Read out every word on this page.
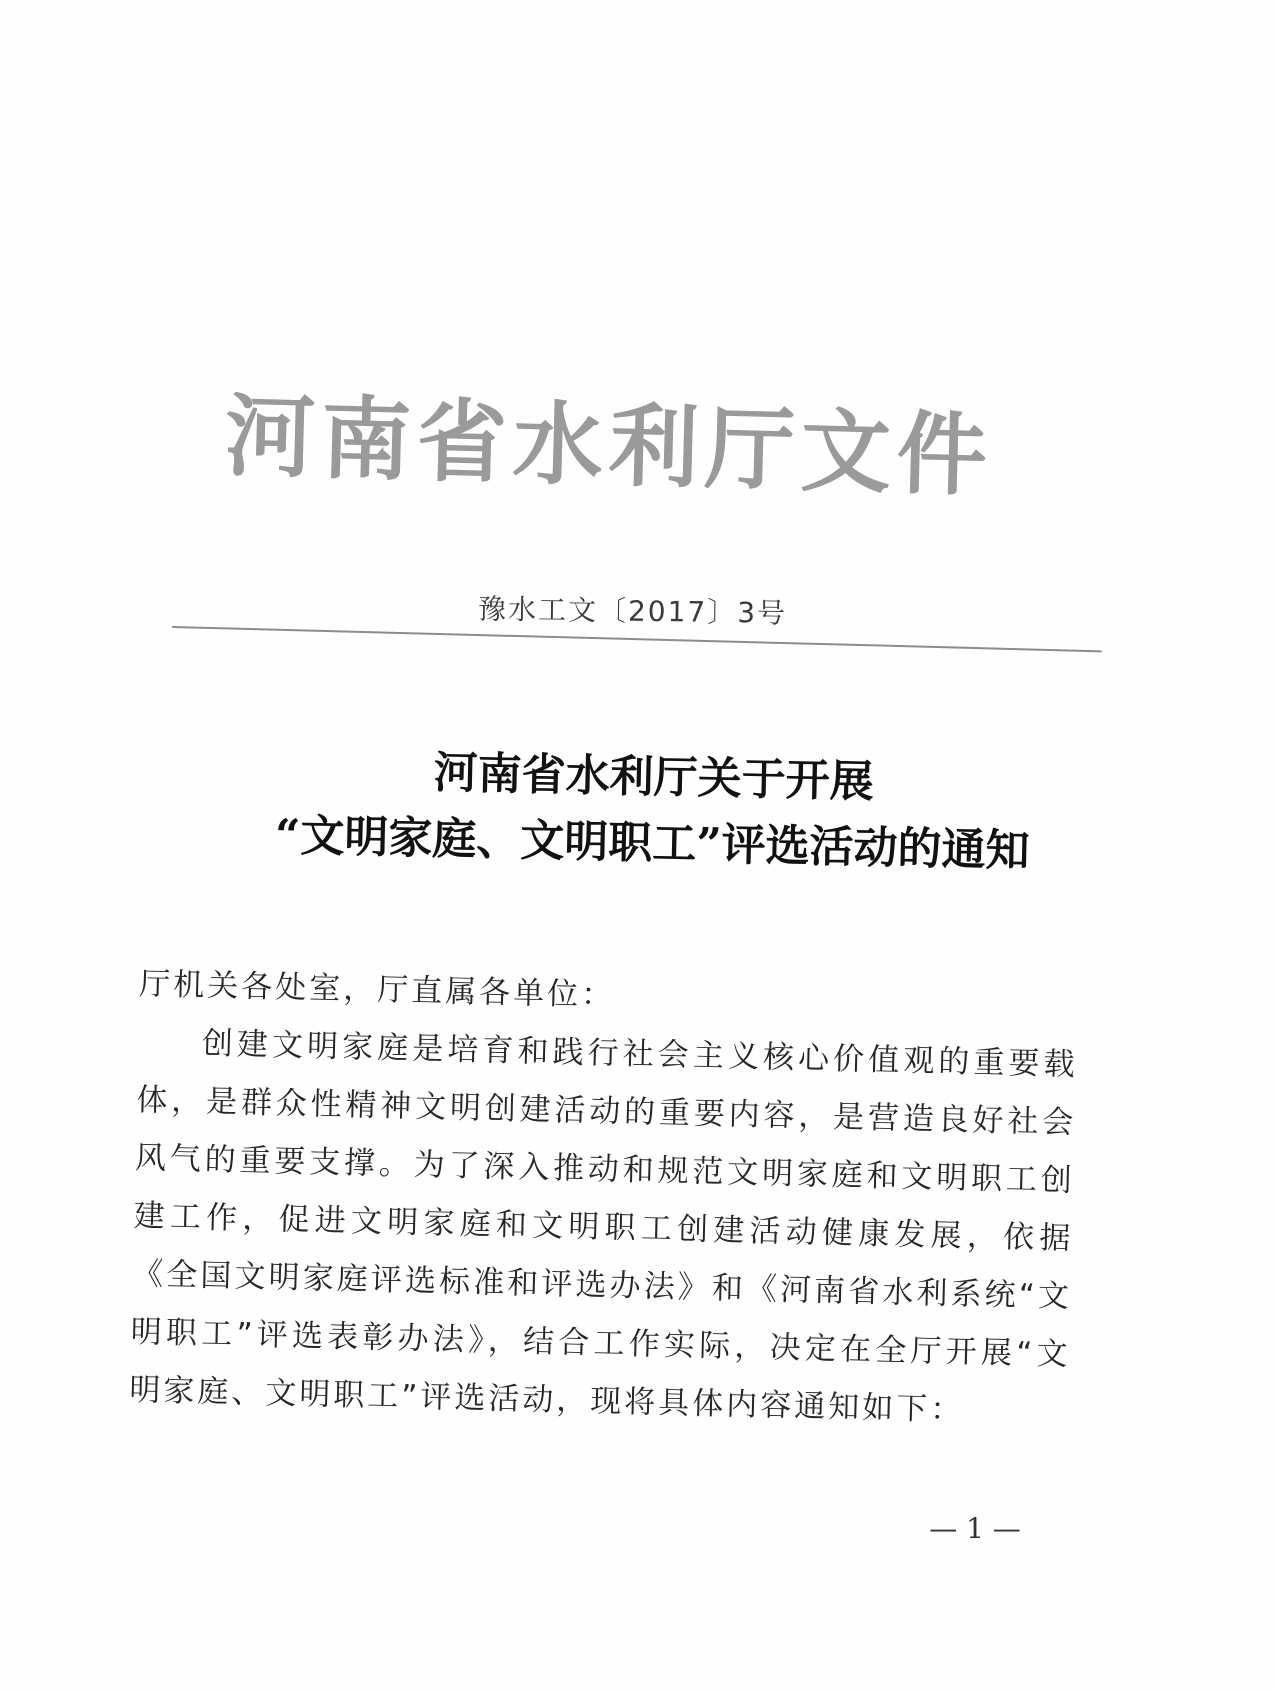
河南省水利厅文件
豫水工文〔2017〕3号
河南省水利厅关于开展
“文明家庭、文明职工”评选活动的通知
厅机关各处室，厅直属各单位：
创建文明家庭是培育和践行社会主义核心价值观的重要载体，是群众性精神文明创建活动的重要内容，是营造良好社会风气的重要支撑。为了深入推动和规范文明家庭和文明职工创建工作，促进文明家庭和文明职工创建活动健康发展，依据《全国文明家庭评选标准和评选办法》和《河南省水利系统“文明职工”评选表彰办法》，结合工作实际，决定在全厅开展“文明家庭、文明职工”评选活动，现将具体内容通知如下：
— 1 —
